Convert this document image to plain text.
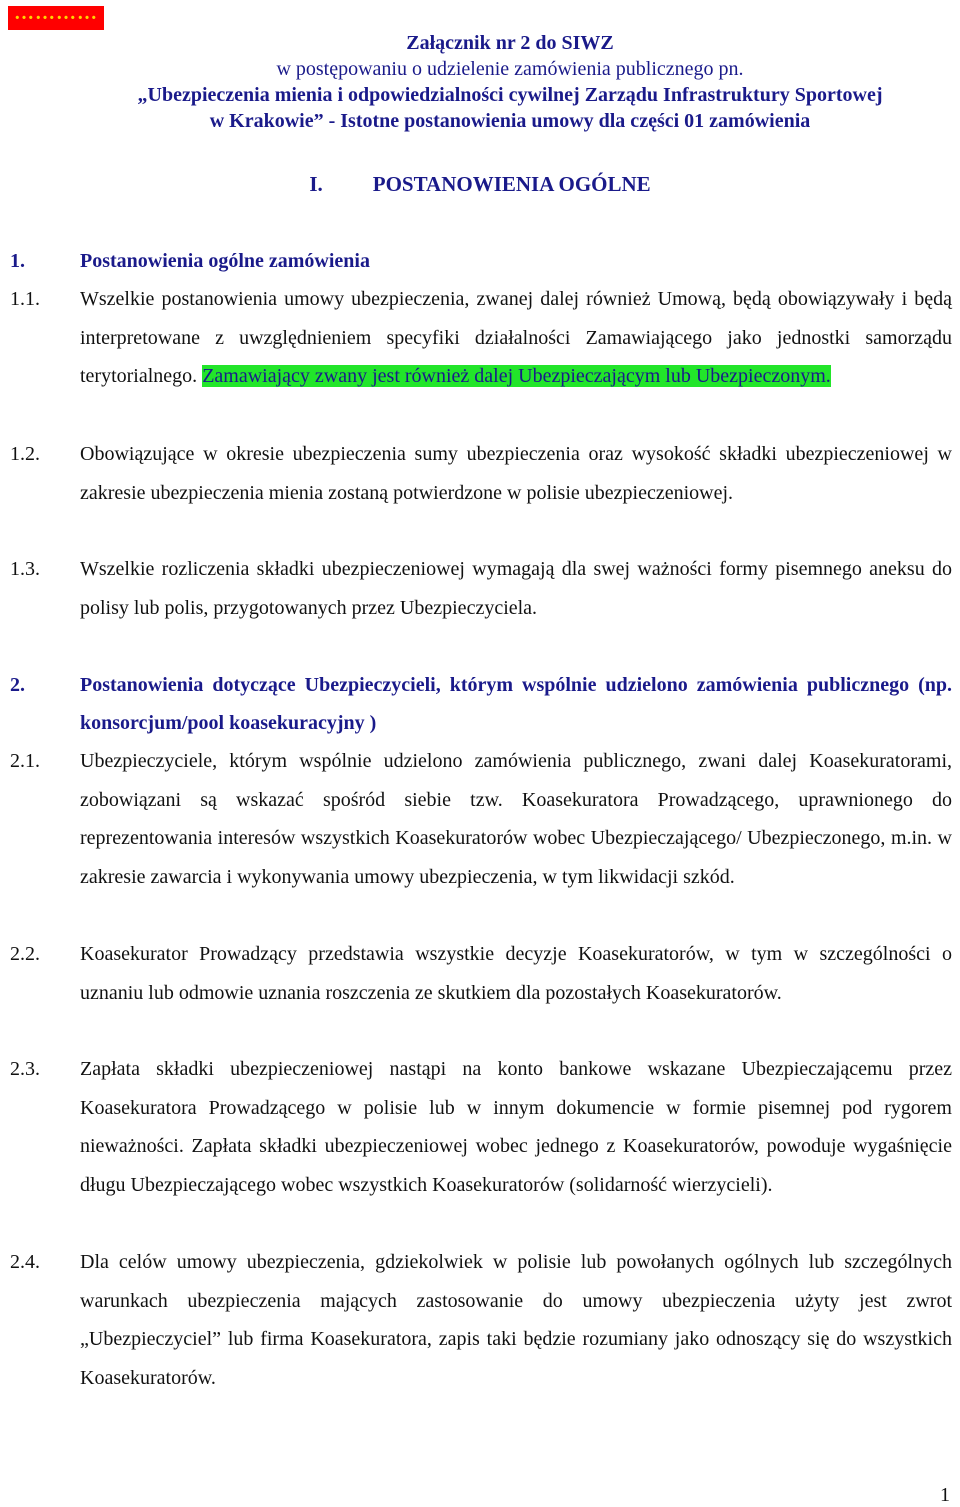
…………
Załącznik nr 2 do SIWZ
w postępowaniu o udzielenie zamówienia publicznego pn.
„Ubezpieczenia mienia i odpowiedzialności cywilnej Zarządu Infrastruktury Sportowej
w Krakowie” - Istotne postanowienia umowy dla części 01 zamówienia
I. POSTANOWIENIA OGÓLNE
1.	Postanowienia ogólne zamówienia
1.1. Wszelkie postanowienia umowy ubezpieczenia, zwanej dalej również Umową, będą obowiązywały i będą interpretowane z uwzględnieniem specyfiki działalności Zamawiającego jako jednostki samorządu terytorialnego. Zamawiający zwany jest również dalej Ubezpieczającym lub Ubezpieczonym.
1.2. Obowiązujące w okresie ubezpieczenia sumy ubezpieczenia oraz wysokość składki ubezpieczeniowej w zakresie ubezpieczenia mienia zostaną potwierdzone w polisie ubezpieczeniowej.
1.3. Wszelkie rozliczenia składki ubezpieczeniowej wymagają dla swej ważności formy pisemnego aneksu do polisy lub polis, przygotowanych przez Ubezpieczyciela.
2.	Postanowienia dotyczące Ubezpieczycieli, którym wspólnie udzielono zamówienia publicznego (np. konsorcjum/pool koasekuracyjny )
2.1. Ubezpieczyciele, którym wspólnie udzielono zamówienia publicznego, zwani dalej Koasekuratorami, zobowiązani są wskazać spośród siebie tzw. Koasekuratora Prowadzącego, uprawnionego do reprezentowania interesów wszystkich Koasekuratorów wobec Ubezpieczającego/ Ubezpieczonego, m.in. w zakresie zawarcia i wykonywania umowy ubezpieczenia, w tym likwidacji szkód.
2.2. Koasekurator Prowadzący przedstawia wszystkie decyzje Koasekuratorów, w tym w szczególności o uznaniu lub odmowie uznania roszczenia ze skutkiem dla pozostałych Koasekuratorów.
2.3. Zapłata składki ubezpieczeniowej nastąpi na konto bankowe wskazane Ubezpieczającemu przez Koasekuratora Prowadzącego w polisie lub w innym dokumencie w formie pisemnej pod rygorem nieważności. Zapłata składki ubezpieczeniowej wobec jednego z Koasekuratorów, powoduje wygaśnięcie długu Ubezpieczającego wobec wszystkich Koasekuratorów (solidarność wierzycieli).
2.4. Dla celów umowy ubezpieczenia, gdziekolwiek w polisie lub powołanych ogólnych lub szczególnych warunkach ubezpieczenia mających zastosowanie do umowy ubezpieczenia użyty jest zwrot „Ubezpieczyciel” lub firma Koasekuratora, zapis taki będzie rozumiany jako odnoszący się do wszystkich Koasekuratorów.
1
